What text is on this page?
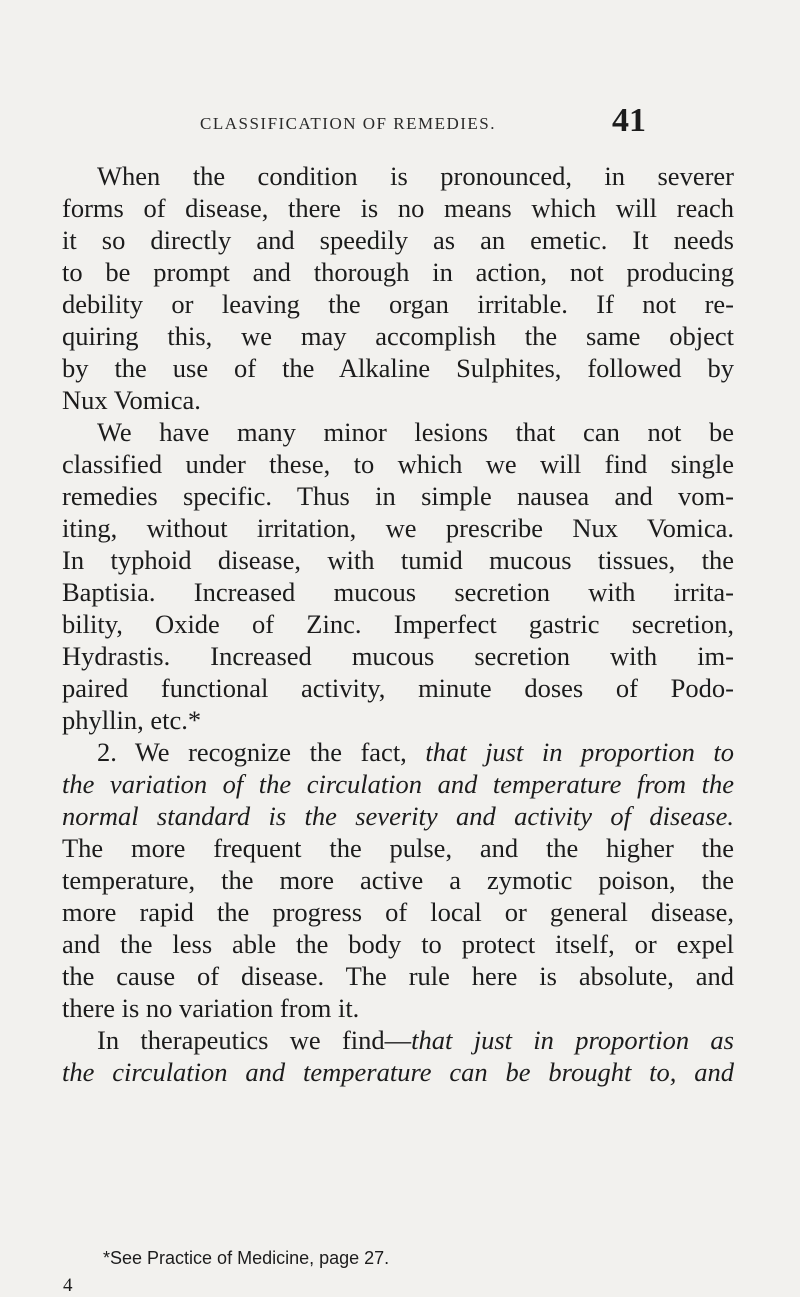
CLASSIFICATION OF REMEDIES.	41
When the condition is pronounced, in severer
forms of disease, there is no means which will reach
it so directly and speedily as an emetic. It needs
to be prompt and thorough in action, not producing
debility or leaving the organ irritable. If not re-
quiring this, we may accomplish the same object
by the use of the Alkaline Sulphites, followed by
Nux Vomica.
We have many minor lesions that can not be
classified under these, to which we will find single
remedies specific. Thus in simple nausea and vom-
iting, without irritation, we prescribe Nux Vomica.
In typhoid disease, with tumid mucous tissues, the
Baptisia. Increased mucous secretion with irrita-
bility, Oxide of Zinc. Imperfect gastric secretion,
Hydrastis. Increased mucous secretion with im-
paired functional activity, minute doses of Podo-
phyllin, etc.*
2. We recognize the fact, that just in proportion to
the variation of the circulation and temperature from the
normal standard is the severity and activity of disease.
The more frequent the pulse, and the higher the
temperature, the more active a zymotic poison, the
more rapid the progress of local or general disease,
and the less able the body to protect itself, or expel
the cause of disease. The rule here is absolute, and
there is no variation from it.
In therapeutics we find—that just in proportion as
the circulation and temperature can be brought to, and
*See Practice of Medicine, page 27.
4
